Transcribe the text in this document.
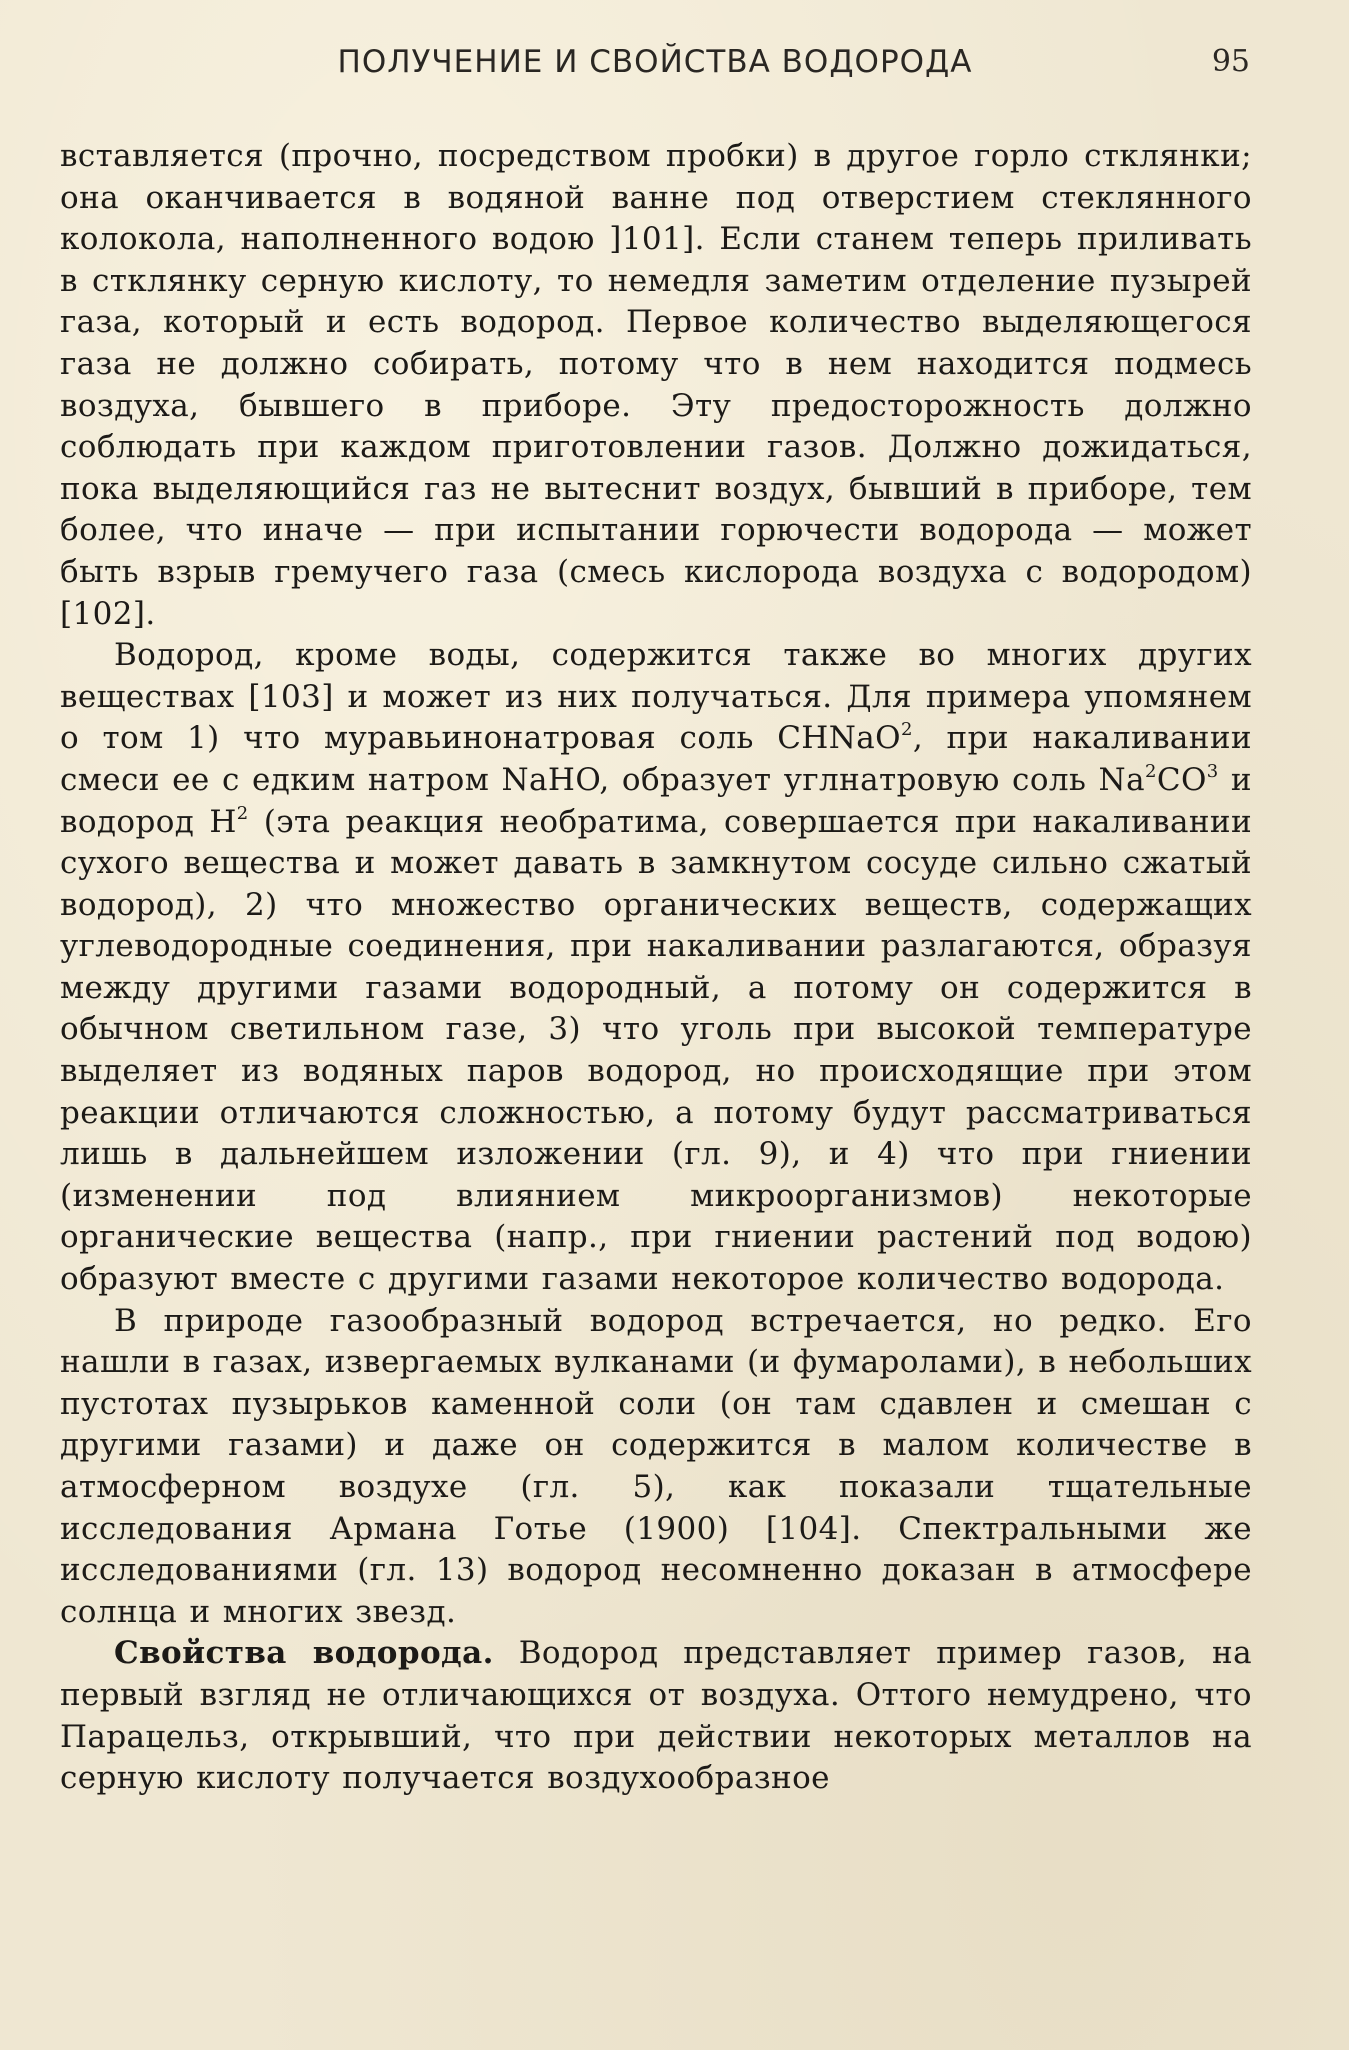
ПОЛУЧЕНИЕ И СВОЙСТВА ВОДОРОДА	95

вставляется (прочно, посредством пробки) в другое горло стклянки; она оканчивается в водяной ванне под отверстием стеклянного колокола, наполненного водою ]101]. Если станем теперь приливать в стклянку серную кислоту, то немедля заметим отделение пузырей газа, который и есть водород. Первое количество выделяющегося газа не должно собирать, потому что в нем находится подмесь воздуха, бывшего в приборе. Эту предосторожность должно соблюдать при каждом приготовлении газов. Должно дожидаться, пока выделяющийся газ не вытеснит воздух, бывший в приборе, тем более, что иначе — при испытании горючести водорода — может быть взрыв гремучего газа (смесь кислорода воздуха с водородом) [102].

Водород, кроме воды, содержится также во многих других веществах [103] и может из них получаться. Для примера упомянем о том 1) что муравьинонатровая соль CHNaO$^2$, при накаливании смеси ее с едким натром NaHO, образует углнатровую соль $Na^2CO^3$ и водород $H^2$ (эта реакция необратима, совершается при накаливании сухого вещества и может давать в замкнутом сосуде сильно сжатый водород), 2) что множество органических веществ, содержащих углеводородные соединения, при накаливании разлагаются, образуя между другими газами водородный, а потому он содержится в обычном светильном газе, 3) что уголь при высокой температуре выделяет из водяных паров водород, но происходящие при этом реакции отличаются сложностью, а потому будут рассматриваться лишь в дальнейшем изложении (гл. 9), и 4) что при гниении (изменении под влиянием микроорганизмов) некоторые органические вещества (напр., при гниении растений под водою) образуют вместе с другими газами некоторое количество водорода.

В природе газообразный водород встречается, но редко. Его нашли в газах, извергаемых вулканами (и фумаролами), в небольших пустотах пузырьков каменной соли (он там сдавлен и смешан с другими газами) и даже он содержится в малом количестве в атмосферном воздухе (гл. 5), как показали тщательные исследования Армана Готье (1900) [104]. Спектральными же исследованиями (гл. 13) водород несомненно доказан в атмосфере солнца и многих звезд.

Свойства водорода. Водород представляет пример газов, на первый взгляд не отличающихся от воздуха. Оттого немудрено, что Парацельз, открывший, что при действии некоторых металлов на серную кислоту получается воздухообразное
